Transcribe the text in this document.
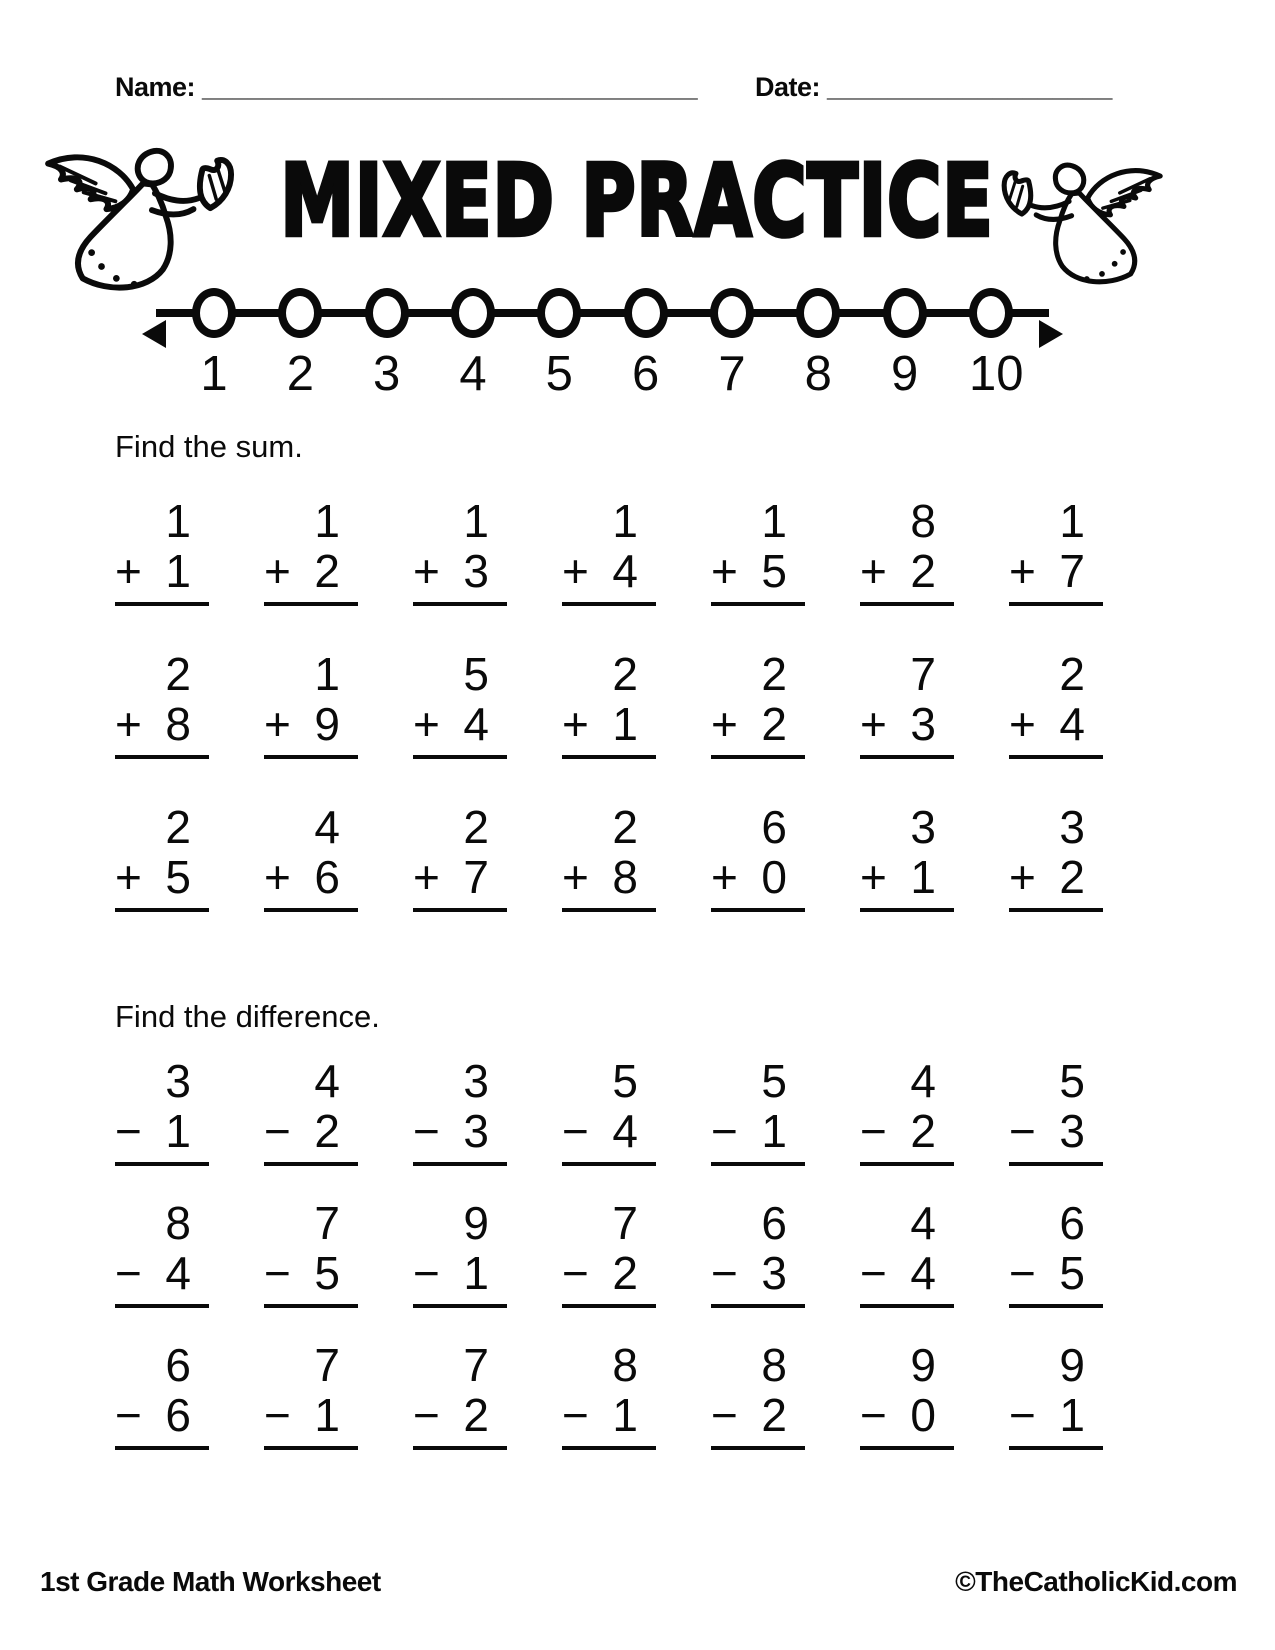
Name: _________________________________ Date: ___________________
MIXED PRACTICE
1 2 3 4 5 6 7 8 9 10
Find the sum.
1
+ 1
1
+ 2
1
+ 3
1
+ 4
1
+ 5
8
+ 2
1
+ 7
2
+ 8
1
+ 9
5
+ 4
2
+ 1
2
+ 2
7
+ 3
2
+ 4
2
+ 5
4
+ 6
2
+ 7
2
+ 8
6
+ 0
3
+ 1
3
+ 2
Find the difference.
3
− 1
4
− 2
3
− 3
5
− 4
5
− 1
4
− 2
5
− 3
8
− 4
7
− 5
9
− 1
7
− 2
6
− 3
4
− 4
6
− 5
6
− 6
7
− 1
7
− 2
8
− 1
8
− 2
9
− 0
9
− 1
1st Grade Math Worksheet	©TheCatholicKid.com
